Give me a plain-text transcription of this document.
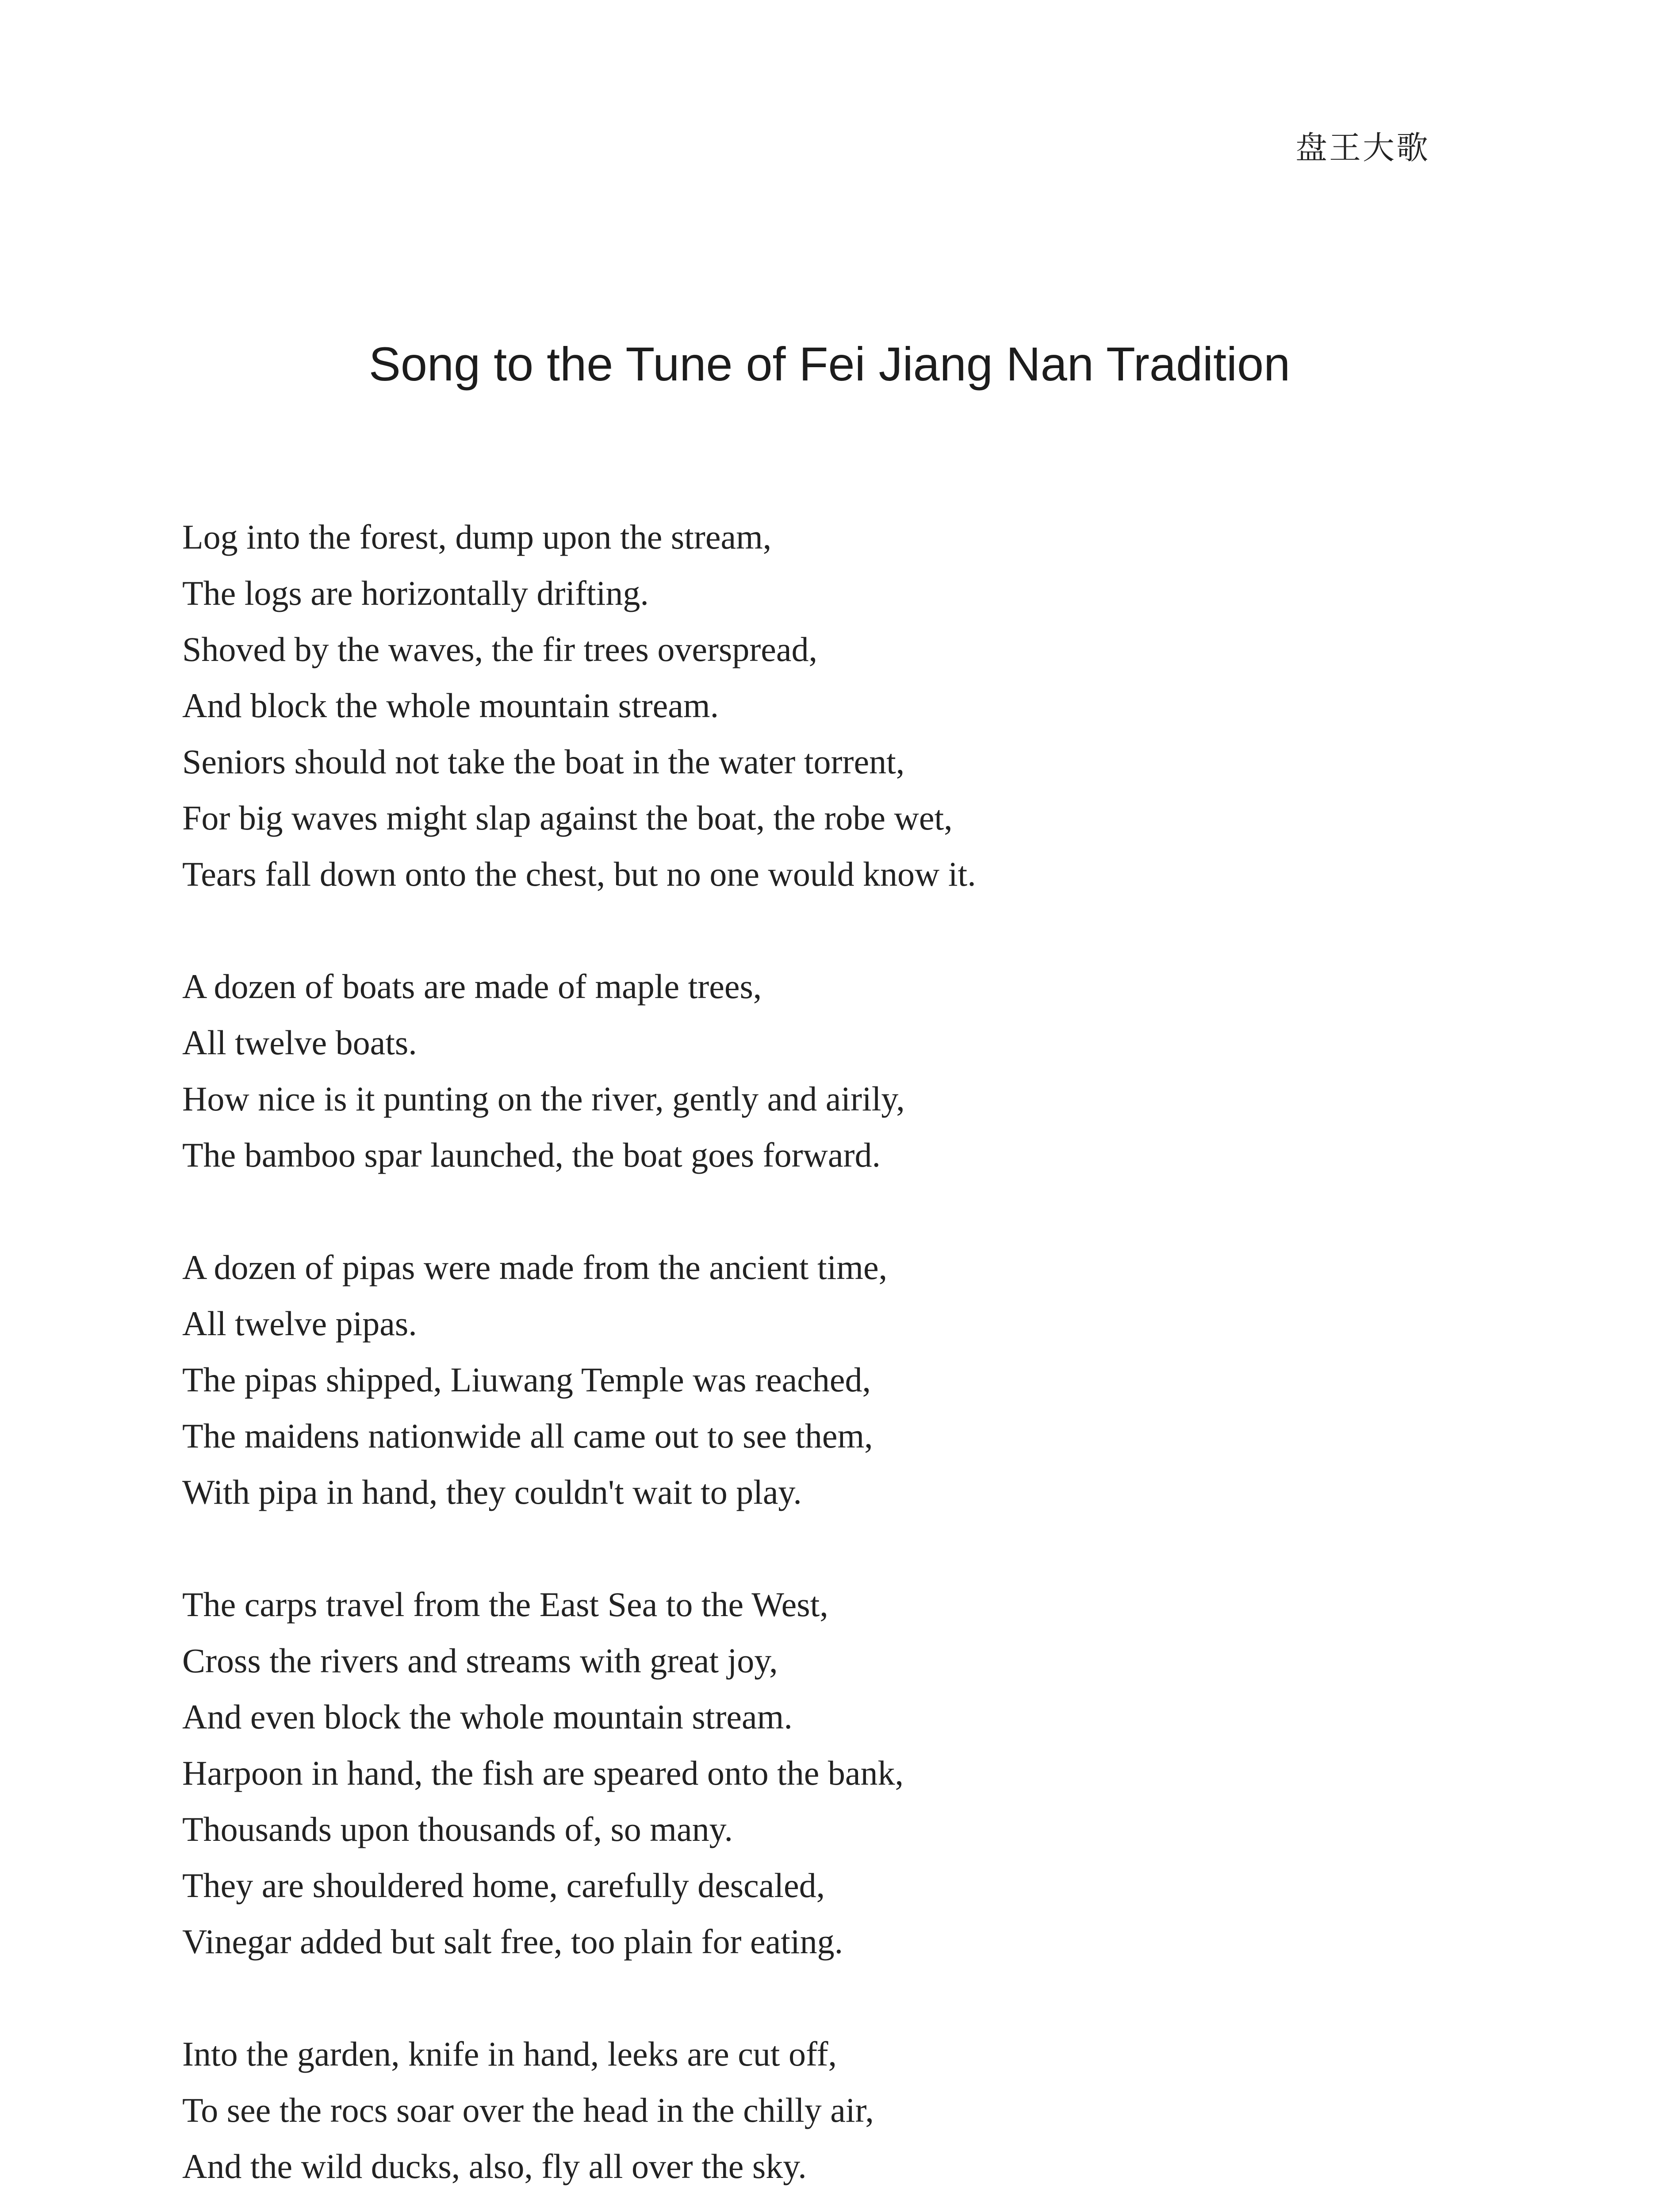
盘王大歌
Song to the Tune of Fei Jiang Nan Tradition
Log into the forest, dump upon the stream,
The logs are horizontally drifting.
Shoved by the waves, the fir trees overspread,
And block the whole mountain stream.
Seniors should not take the boat in the water torrent,
For big waves might slap against the boat, the robe wet,
Tears fall down onto the chest, but no one would know it.
A dozen of boats are made of maple trees,
All twelve boats.
How nice is it punting on the river, gently and airily,
The bamboo spar launched, the boat goes forward.
A dozen of pipas were made from the ancient time,
All twelve pipas.
The pipas shipped, Liuwang Temple was reached,
The maidens nationwide all came out to see them,
With pipa in hand, they couldn't wait to play.
The carps travel from the East Sea to the West,
Cross the rivers and streams with great joy,
And even block the whole mountain stream.
Harpoon in hand, the fish are speared onto the bank,
Thousands upon thousands of, so many.
They are shouldered home, carefully descaled,
Vinegar added but salt free, too plain for eating.
Into the garden, knife in hand, leeks are cut off,
To see the rocs soar over the head in the chilly air,
And the wild ducks, also, fly all over the sky.
